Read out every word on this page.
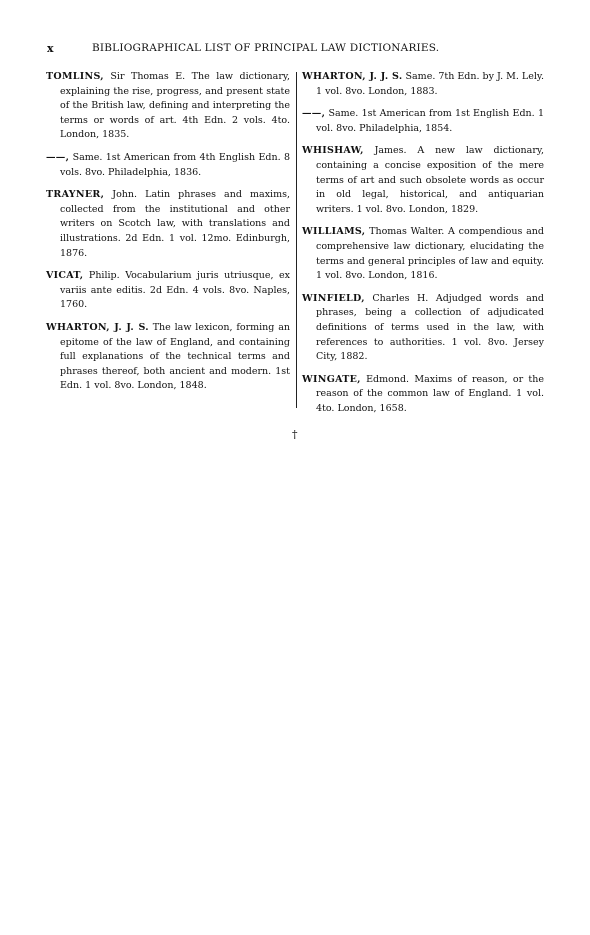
x	BIBLIOGRAPHICAL LIST OF PRINCIPAL LAW DICTIONARIES.

TOMLINS, Sir Thomas E. The law dictionary, explaining the rise, progress, and present state of the British law, defining and interpreting the terms or words of art. 4th Edn. 2 vols. 4to. London, 1835.

——, Same. 1st American from 4th English Edn. 8 vols. 8vo. Philadelphia, 1836.

TRAYNER, John. Latin phrases and maxims, collected from the institutional and other writers on Scotch law, with translations and illustrations. 2d Edn. 1 vol. 12mo. Edinburgh, 1876.

VICAT, Philip. Vocabularium juris utriusque, ex variis ante editis. 2d Edn. 4 vols. 8vo. Naples, 1760.

WHARTON, J. J. S. The law lexicon, forming an epitome of the law of England, and containing full explanations of the technical terms and phrases thereof, both ancient and modern. 1st Edn. 1 vol. 8vo. London, 1848.

WHARTON, J. J. S. Same. 7th Edn. by J. M. Lely. 1 vol. 8vo. London, 1883.

——, Same. 1st American from 1st English Edn. 1 vol. 8vo. Philadelphia, 1854.

WHISHAW, James. A new law dictionary, containing a concise exposition of the mere terms of art and such obsolete words as occur in old legal, historical, and antiquarian writers. 1 vol. 8vo. London, 1829.

WILLIAMS, Thomas Walter. A compendious and comprehensive law dictionary, elucidating the terms and general principles of law and equity. 1 vol. 8vo. London, 1816.

WINFIELD, Charles H. Adjudged words and phrases, being a collection of adjudicated definitions of terms used in the law, with references to authorities. 1 vol. 8vo. Jersey City, 1882.

WINGATE, Edmond. Maxims of reason, or the reason of the common law of England. 1 vol. 4to. London, 1658.

†
